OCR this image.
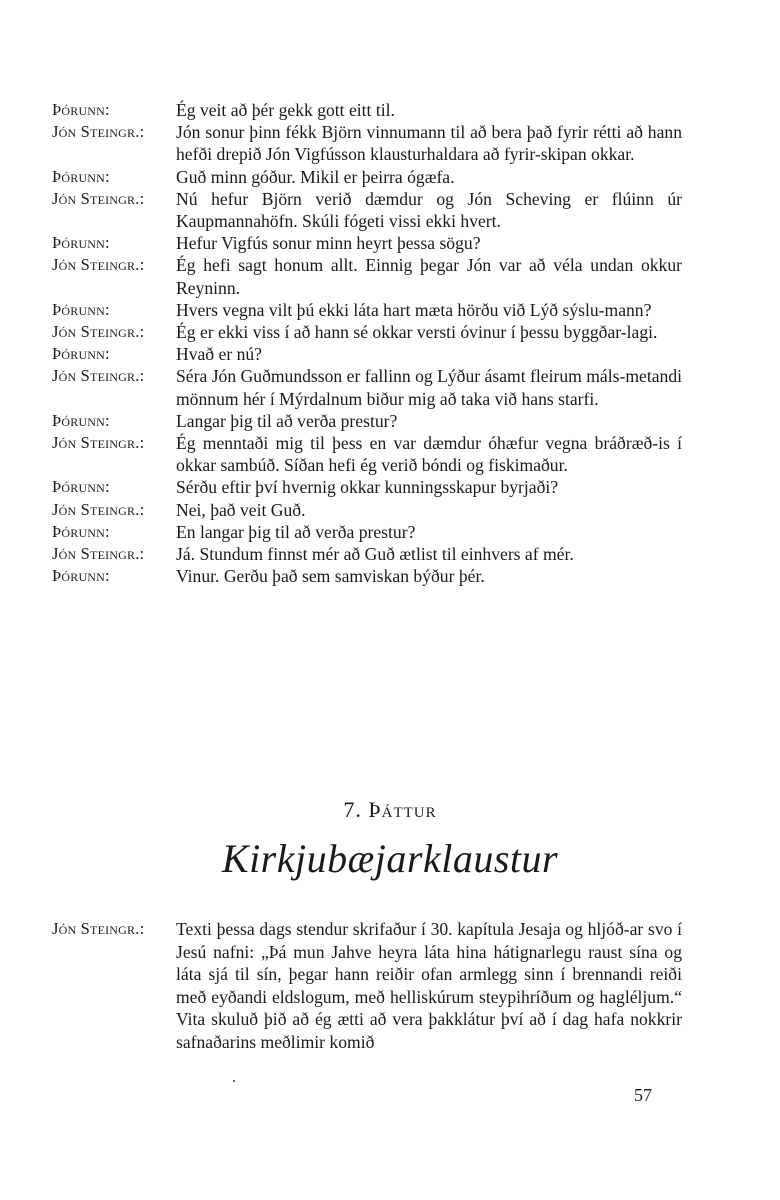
Þórunn:	Ég veit að þér gekk gott eitt til.
Jón Steingr.:	Jón sonur þinn fékk Björn vinnumann til að bera það fyrir rétti að hann hefði drepið Jón Vigfússon klausturhaldara að fyrir-skipan okkar.
Þórunn:	Guð minn góður. Mikil er þeirra ógæfa.
Jón Steingr.:	Nú hefur Björn verið dæmdur og Jón Scheving er flúinn úr Kaupmannahöfn. Skúli fógeti vissi ekki hvert.
Þórunn:	Hefur Vigfús sonur minn heyrt þessa sögu?
Jón Steingr.:	Ég hefi sagt honum allt. Einnig þegar Jón var að véla undan okkur Reyninn.
Þórunn:	Hvers vegna vilt þú ekki láta hart mæta hörðu við Lýð sýslu-mann?
Jón Steingr.:	Ég er ekki viss í að hann sé okkar versti óvinur í þessu byggðar-lagi.
Þórunn:	Hvað er nú?
Jón Steingr.:	Séra Jón Guðmundsson er fallinn og Lýður ásamt fleirum máls-metandi mönnum hér í Mýrdalnum biður mig að taka við hans starfi.
Þórunn:	Langar þig til að verða prestur?
Jón Steingr.:	Ég menntaði mig til þess en var dæmdur óhæfur vegna bráðræð-is í okkar sambúð. Síðan hefi ég verið bóndi og fiskimaður.
Þórunn:	Sérðu eftir því hvernig okkar kunningsskapur byrjaði?
Jón Steingr.:	Nei, það veit Guð.
Þórunn:	En langar þig til að verða prestur?
Jón Steingr.:	Já. Stundum finnst mér að Guð ætlist til einhvers af mér.
Þórunn:	Vinur. Gerðu það sem samviskan býður þér.
7. Þáttur
Kirkjubæjarklaustur
Jón Steingr.:	Texti þessa dags stendur skrifaður í 30. kapítula Jesaja og hljóð-ar svo í Jesú nafni: „Þá mun Jahve heyra láta hina hátignarlegu raust sína og láta sjá til sín, þegar hann reiðir ofan armlegg sinn í brennandi reiði með eyðandi eldslogum, með helliskúrum steypihríðum og hagléljum.“ Vita skuluð þið að ég ætti að vera þakklátur því að í dag hafa nokkrir safnaðarins meðlimir komið
57
